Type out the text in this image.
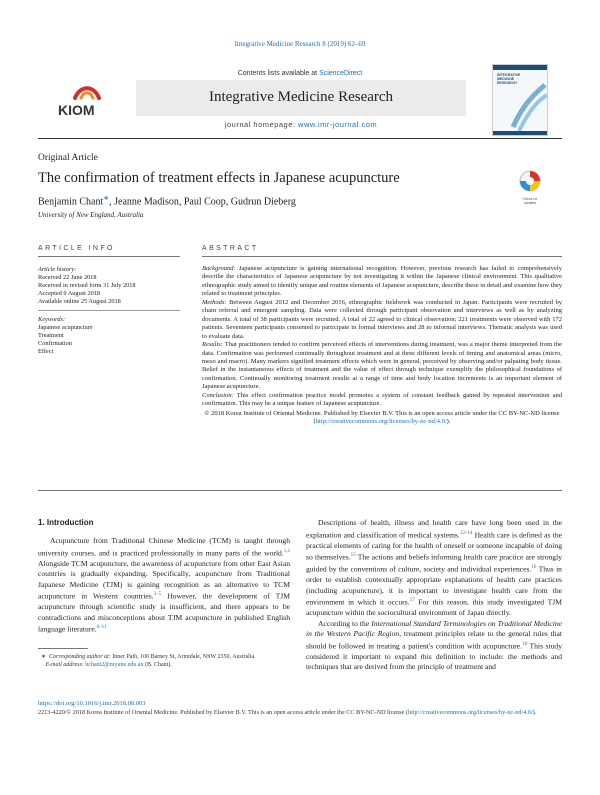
Integrative Medicine Research 8 (2019) 62–69
KIOM
Contents lists available at ScienceDirect
Integrative Medicine Research
journal homepage: www.imr-journal.com
INTEGRATIVE MEDICINE RESEARCH
Original Article
The confirmation of treatment effects in Japanese acupuncture
Check for updates
Benjamin Chant∗, Jeanne Madison, Paul Coop, Gudrun Dieberg
University of New England, Australia
ARTICLE INFO	ABSTRACT
Article history:
Received 22 June 2018
Received in revised form 31 July 2018
Accepted 9 August 2018
Available online 25 August 2018
Keywords:
Japanese acupuncture
Treatment
Confirmation
Effect

Background: Japanese acupuncture is gaining international recognition. However, previous research has failed to comprehensively describe the characteristics of Japanese acupuncture by not investigating it within the Japanese clinical environment. This qualitative ethnographic study aimed to identify unique and routine elements of Japanese acupuncture, describe these in detail and examine how they related to treatment principles.

Methods: Between August 2012 and December 2016, ethnographic fieldwork was conducted in Japan. Participants were recruited by chain referral and emergent sampling. Data were collected through participant observation and interviews as well as by analyzing documents. A total of 38 participants were recruited. A total of 22 agreed to clinical observation; 221 treatments were observed with 172 patients. Seventeen participants consented to participate in formal interviews and 28 to informal interviews. Thematic analysis was used to evaluate data.

Results: That practitioners tended to confirm perceived effects of interventions during treatment, was a major theme interpreted from the data. Confirmation was performed continually throughout treatment and at three different levels of timing and anatomical areas (micro, meso and macro). Many markers signified treatment effects which were in general, perceived by observing and/or palpating body tissue. Belief in the instantaneous effects of treatment and the value of effect through technique exemplify the philosophical foundations of confirmation. Continually monitoring treatment results at a range of time and body location increments is an important element of Japanese acupuncture.

Conclusion: This effect confirmation practice model promotes a system of constant feedback gained by repeated intervention and confirmation. This may be a unique feature of Japanese acupuncture.

© 2018 Korea Institute of Oriental Medicine. Published by Elsevier B.V. This is an open access article under the CC BY-NC-ND license (http://creativecommons.org/licenses/by-nc-nd/4.0/).

1. Introduction

Acupuncture from Traditional Chinese Medicine (TCM) is taught through university courses, and is practiced professionally in many parts of the world.$^{1,2}$ Alongside TCM acupuncture, the awareness of acupuncture from other East Asian countries is gradually expanding. Specifically, acupuncture from Traditional Japanese Medicine (TJM) is gaining recognition as an alternative to TCM acupuncture in Western countries.$^{3-5}$ However, the development of TJM acupuncture through scientific study is insufficient, and there appears to be contradictions and misconceptions about TJM acupuncture in published English language literature.$^{6-11}$

Descriptions of health, illness and health care have long been used in the explanation and classification of medical systems.$^{12-14}$ Health care is defined as the practical elements of caring for the health of oneself or someone incapable of doing so themselves.$^{15}$ The actions and beliefs informing health care practice are strongly guided by the conventions of culture, society and individual experiences.$^{16}$ Thus in order to establish contextually appropriate explanations of health care practices (including acupuncture), it is important to investigate health care from the environment in which it occurs.$^{17}$ For this reason, this study investigated TJM acupuncture within the sociocultural environment of Japan directly.

According to the International Standard Terminologies on Traditional Medicine in the Western Pacific Region, treatment principles relate to the general rules that should be followed in treating a patient's condition with acupuncture.$^{18}$ This study considered it important to expand this definition to include: the methods and techniques that are derived from the principle of treatment and

∗ Corresponding author at: Inner Path, 100 Barney St, Armidale, NSW 2350, Australia.
E-mail address: bchant2@myune.edu.au (B. Chant).
https://doi.org/10.1016/j.imr.2018.08.003
2213-4220/© 2018 Korea Institute of Oriental Medicine. Published by Elsevier B.V. This is an open access article under the CC BY-NC-ND license (http://creativecommons.org/licenses/by-nc-nd/4.0/).
